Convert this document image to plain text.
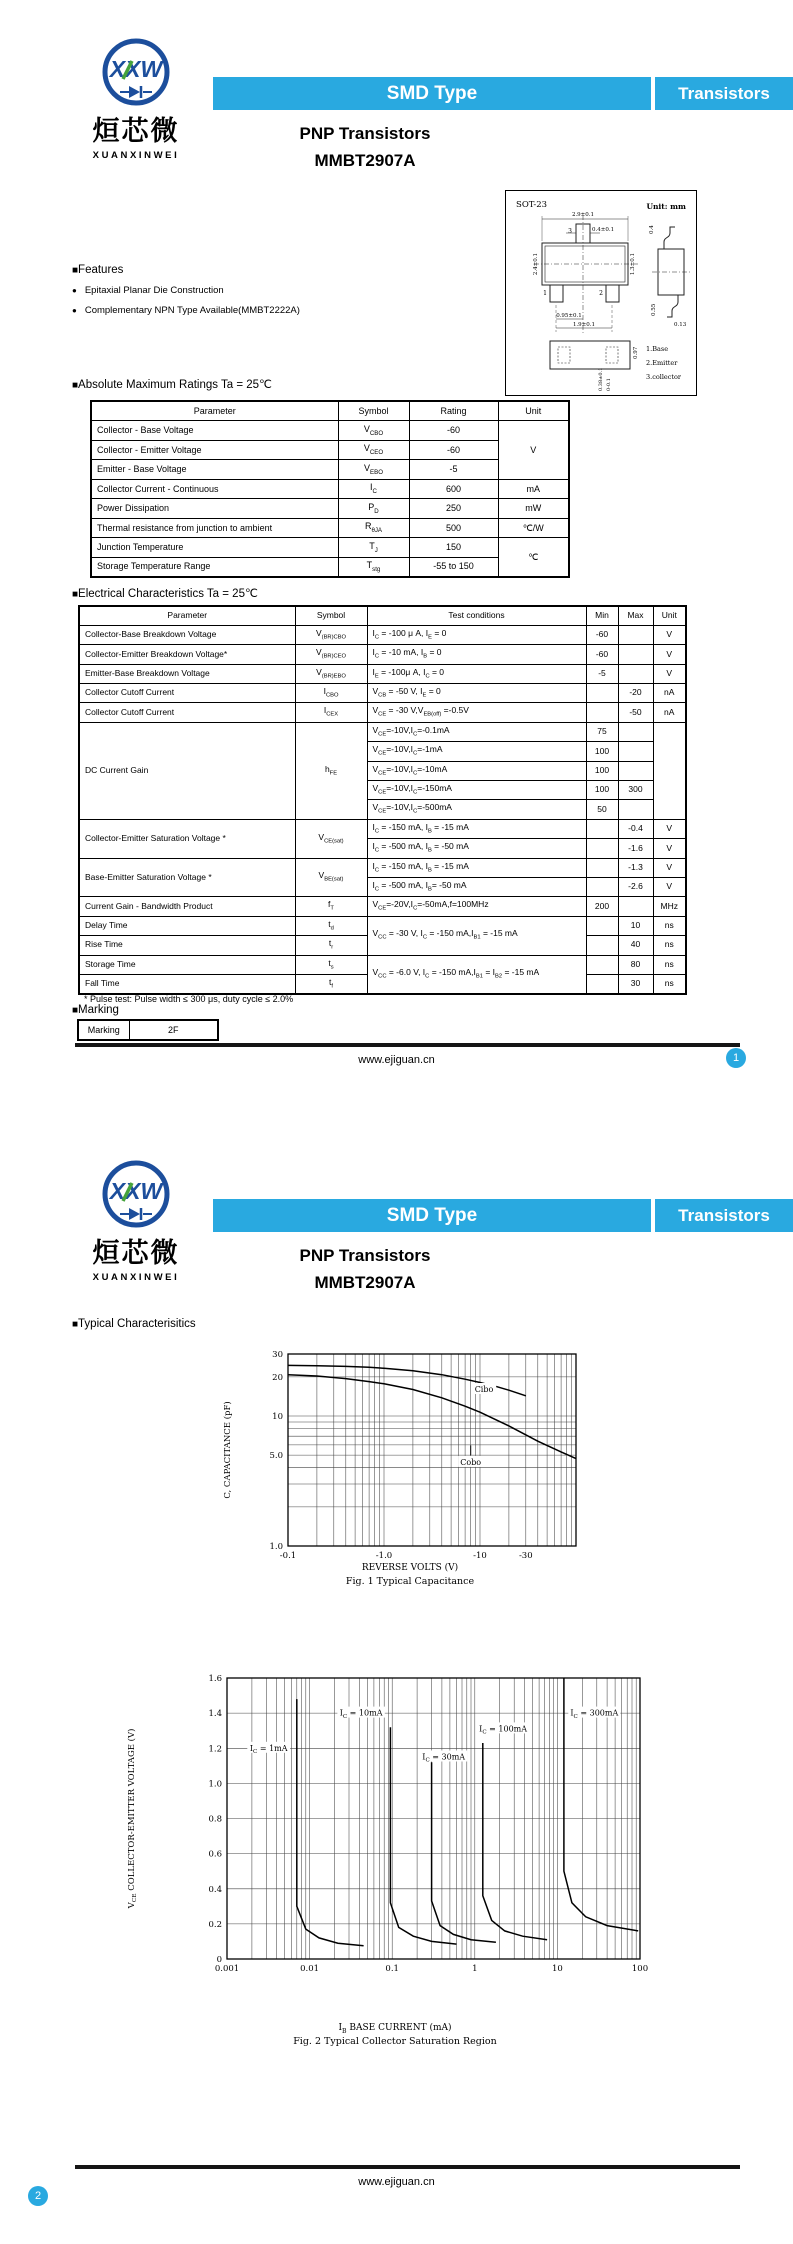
XXW
烜芯微
XUANXINWEI
SMD Type	Transistors
PNP Transistors
MMBT2907A
SOT-23	Unit: mm
2.9±0.1
0.4±0.1
2.4±0.1	1.3±0.1
0.95±0.1
1.9±0.1
3
1	2
0.4
0.55
0.13
0.97
0.38±0.1 0-0.1
1.Base
2.Emitter
3.collector
■ Features
● Epitaxial Planar Die Construction
● Complementary NPN Type Available(MMBT2222A)
■ Absolute Maximum Ratings Ta = 25℃
Parameter	Symbol	Rating	Unit
Collector - Base Voltage	$V_{CBO}$	-60	V
Collector - Emitter Voltage	$V_{CEO}$	-60	
Emitter - Base Voltage	$V_{EBO}$	-5	
Collector Current - Continuous	$I_C$	600	mA
Power Dissipation	$P_D$	250	mW
Thermal resistance from junction to ambient	$R_{\theta JA}$	500	℃/W
Junction Temperature	$T_J$	150	℃
Storage Temperature Range	$T_{stg}$	-55 to 150	
■ Electrical Characteristics Ta = 25℃
Parameter	Symbol	Test conditions	Min	Max	Unit
Collector-Base Breakdown Voltage	$V_{(BR)CBO}$	$I_C = -100$ μ A, $I_E = 0$	-60		V
Collector-Emitter Breakdown Voltage*	$V_{(BR)CEO}$	$I_C = -10$ mA, $I_B = 0$	-60		V
Emitter-Base Breakdown Voltage	$V_{(BR)EBO}$	$I_E = -100\mu$ A, $I_C = 0$	-5		V
Collector Cutoff Current	$I_{CBO}$	$V_{CB} = -50$ V, $I_E = 0$		-20	nA
Collector Cutoff Current	$I_{CEX}$	$V_{CE} = -30$ $V,V_{EB(off)} =-0.5V$		-50	nA
DC Current Gain	$h_{FE}$	$V_{CE}=-10V,I_C=-0.1mA$	75		
		$V_{CE}=-10V,I_C=-1mA$	100		
		$V_{CE}=-10V,I_C=-10mA$	100		
		$V_{CE}=-10V,I_C=-150mA$	100	300	
		$V_{CE}=-10V,I_C=-500mA$	50		
Collector-Emitter Saturation Voltage *	$V_{CE(sat)}$	$I_C = -150$ mA, $I_B = -15$ mA		-0.4	V
		$I_C = -500$ mA, $I_B = -50$ mA		-1.6	V
Base-Emitter Saturation Voltage *	$V_{BE(sat)}$	$I_C = -150$ mA, $I_B = -15$ mA		-1.3	V
		$I_C = -500$ mA, $I_B= -50$ mA		-2.6	V
Current Gain - Bandwidth Product	$f_T$	$V_{CE}=-20V,I_C=-50mA,f=100MHz$	200		MHz
Delay Time	$t_d$	$V_{CC} = -30$ V, $I_C = -150$ $mA,I_{B1} = -15$ mA		10	ns
Rise Time	$t_r$			40	ns
Storage Time	$t_s$	$V_{CC} = -6.0$ V, $I_C = -150$ $mA,I_{B1} = I_{B2} = -15$ mA		80	ns
Fall Time	$t_f$			30	ns
* Pulse test: Pulse width ≤ 300 μs, duty cycle ≤ 2.0%
■ Marking
Marking	2F
www.ejiguan.cn	1
XXW
烜芯微
XUANXINWEI
SMD Type	Transistors
PNP Transistors
MMBT2907A
■ Typical Characterisitics
-0.1	-1.0	-10	-30
1.0
5.0
10
20
30
Cibo
Cobo
C, CAPACITANCE (pF)
REVERSE VOLTS (V)
Fig. 1 Typical Capacitance
0.001	0.01	0.1	1	10	100
0
0.2
0.4
0.6
0.8
1.0
1.2
1.4
1.6
$I_C = 1mA$
$I_C = 10mA$
$I_C = 30mA$
$I_C = 100mA$
$I_C = 300mA$
$V_{CE}$ COLLECTOR-EMITTER VOLTAGE (V)
$I_B$ BASE CURRENT (mA)
Fig. 2 Typical Collector Saturation Region
www.ejiguan.cn
2
